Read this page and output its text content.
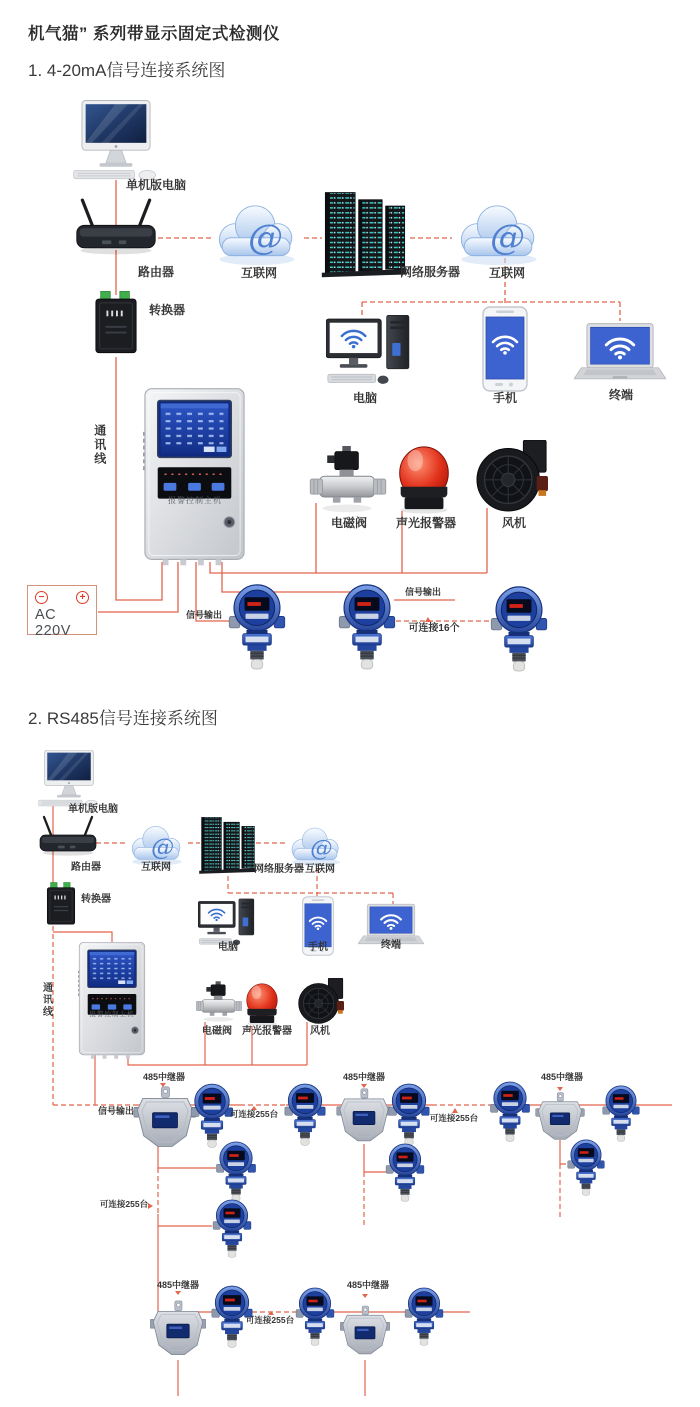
机气猫” 系列带显示固定式检测仪
1. 4-20mA信号连接系统图
2. RS485信号连接系统图
单机版电脑
路由器	互联网	网络服务器	互联网
转换器
通讯线
电脑	手机	终端
电磁阀	声光报警器	风机
报警控制主机
信号输出
信号输出
可连接16个
−	+
AC 220V
单机版电脑
路由器	互联网	网络服务器 互联网
转换器
电脑	手机	终端
通讯线	报警控制主机
电磁阀	声光报警器	风机
485中继器	485中继器	485中继器
信号输出	可连接255台	可连接255台
可连接255台
485中继器	485中继器
可连接255台
